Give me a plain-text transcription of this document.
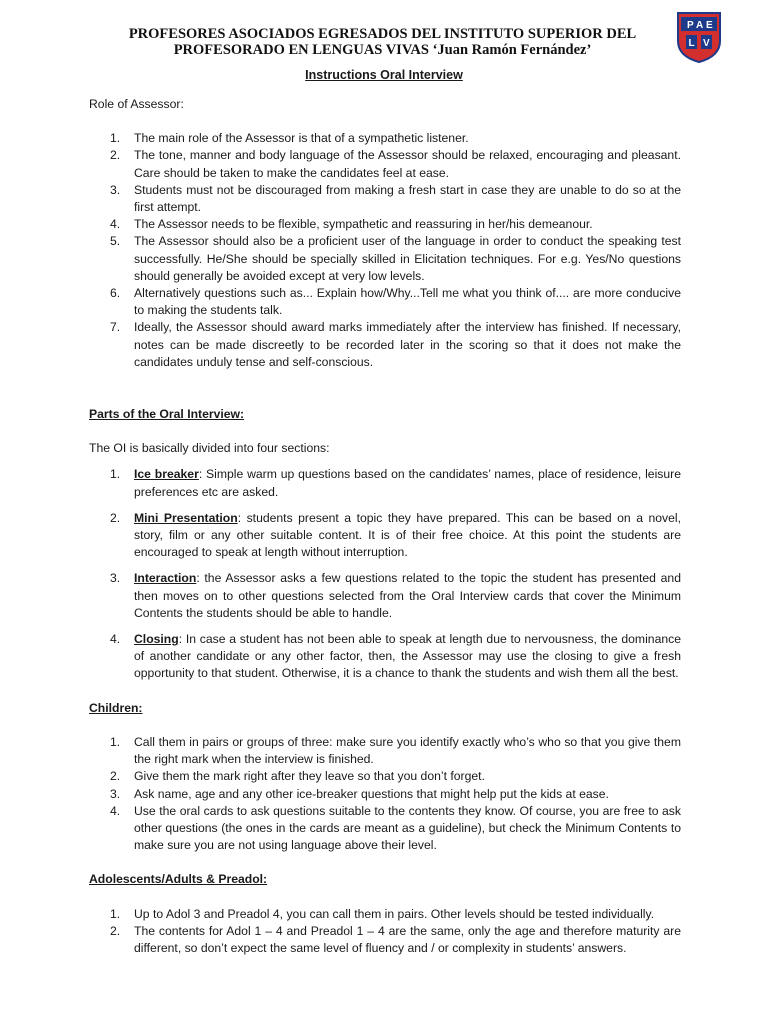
PROFESORES ASOCIADOS EGRESADOS DEL INSTITUTO SUPERIOR DEL

PROFESORADO EN LENGUAS VIVAS ‘Juan Ramón Fernández’
P A E
L V
Instructions Oral Interview

Role of Assessor:

1. The main role of the Assessor is that of a sympathetic listener.
2. The tone, manner and body language of the Assessor should be relaxed, encouraging and pleasant. Care should be taken to make the candidates feel at ease.
3. Students must not be discouraged from making a fresh start in case they are unable to do so at the first attempt.
4. The Assessor needs to be flexible, sympathetic and reassuring in her/his demeanour.
5. The Assessor should also be a proficient user of the language in order to conduct the speaking test successfully. He/She should be specially skilled in Elicitation techniques. For e.g. Yes/No questions should generally be avoided except at very low levels.
6. Alternatively questions such as... Explain how/Why...Tell me what you think of.... are more conducive to making the students talk.
7. Ideally, the Assessor should award marks immediately after the interview has finished. If necessary, notes can be made discreetly to be recorded later in the scoring so that it does not make the candidates unduly tense and self-conscious.

Parts of the Oral Interview:

The OI is basically divided into four sections:

1. Ice breaker: Simple warm up questions based on the candidates’ names, place of residence, leisure preferences etc are asked.
2. Mini Presentation: students present a topic they have prepared. This can be based on a novel, story, film or any other suitable content. It is of their free choice. At this point the students are encouraged to speak at length without interruption.
3. Interaction: the Assessor asks a few questions related to the topic the student has presented and then moves on to other questions selected from the Oral Interview cards that cover the Minimum Contents the students should be able to handle.
4. Closing: In case a student has not been able to speak at length due to nervousness, the dominance of another candidate or any other factor, then, the Assessor may use the closing to give a fresh opportunity to that student. Otherwise, it is a chance to thank the students and wish them all the best.

Children:

1. Call them in pairs or groups of three: make sure you identify exactly who’s who so that you give them the right mark when the interview is finished.
2. Give them the mark right after they leave so that you don’t forget.
3. Ask name, age and any other ice-breaker questions that might help put the kids at ease.
4. Use the oral cards to ask questions suitable to the contents they know. Of course, you are free to ask other questions (the ones in the cards are meant as a guideline), but check the Minimum Contents to make sure you are not using language above their level.

Adolescents/Adults & Preadol:

1. Up to Adol 3 and Preadol 4, you can call them in pairs. Other levels should be tested individually.
2. The contents for Adol 1 – 4 and Preadol 1 – 4 are the same, only the age and therefore maturity are different, so don’t expect the same level of fluency and / or complexity in students’ answers.
